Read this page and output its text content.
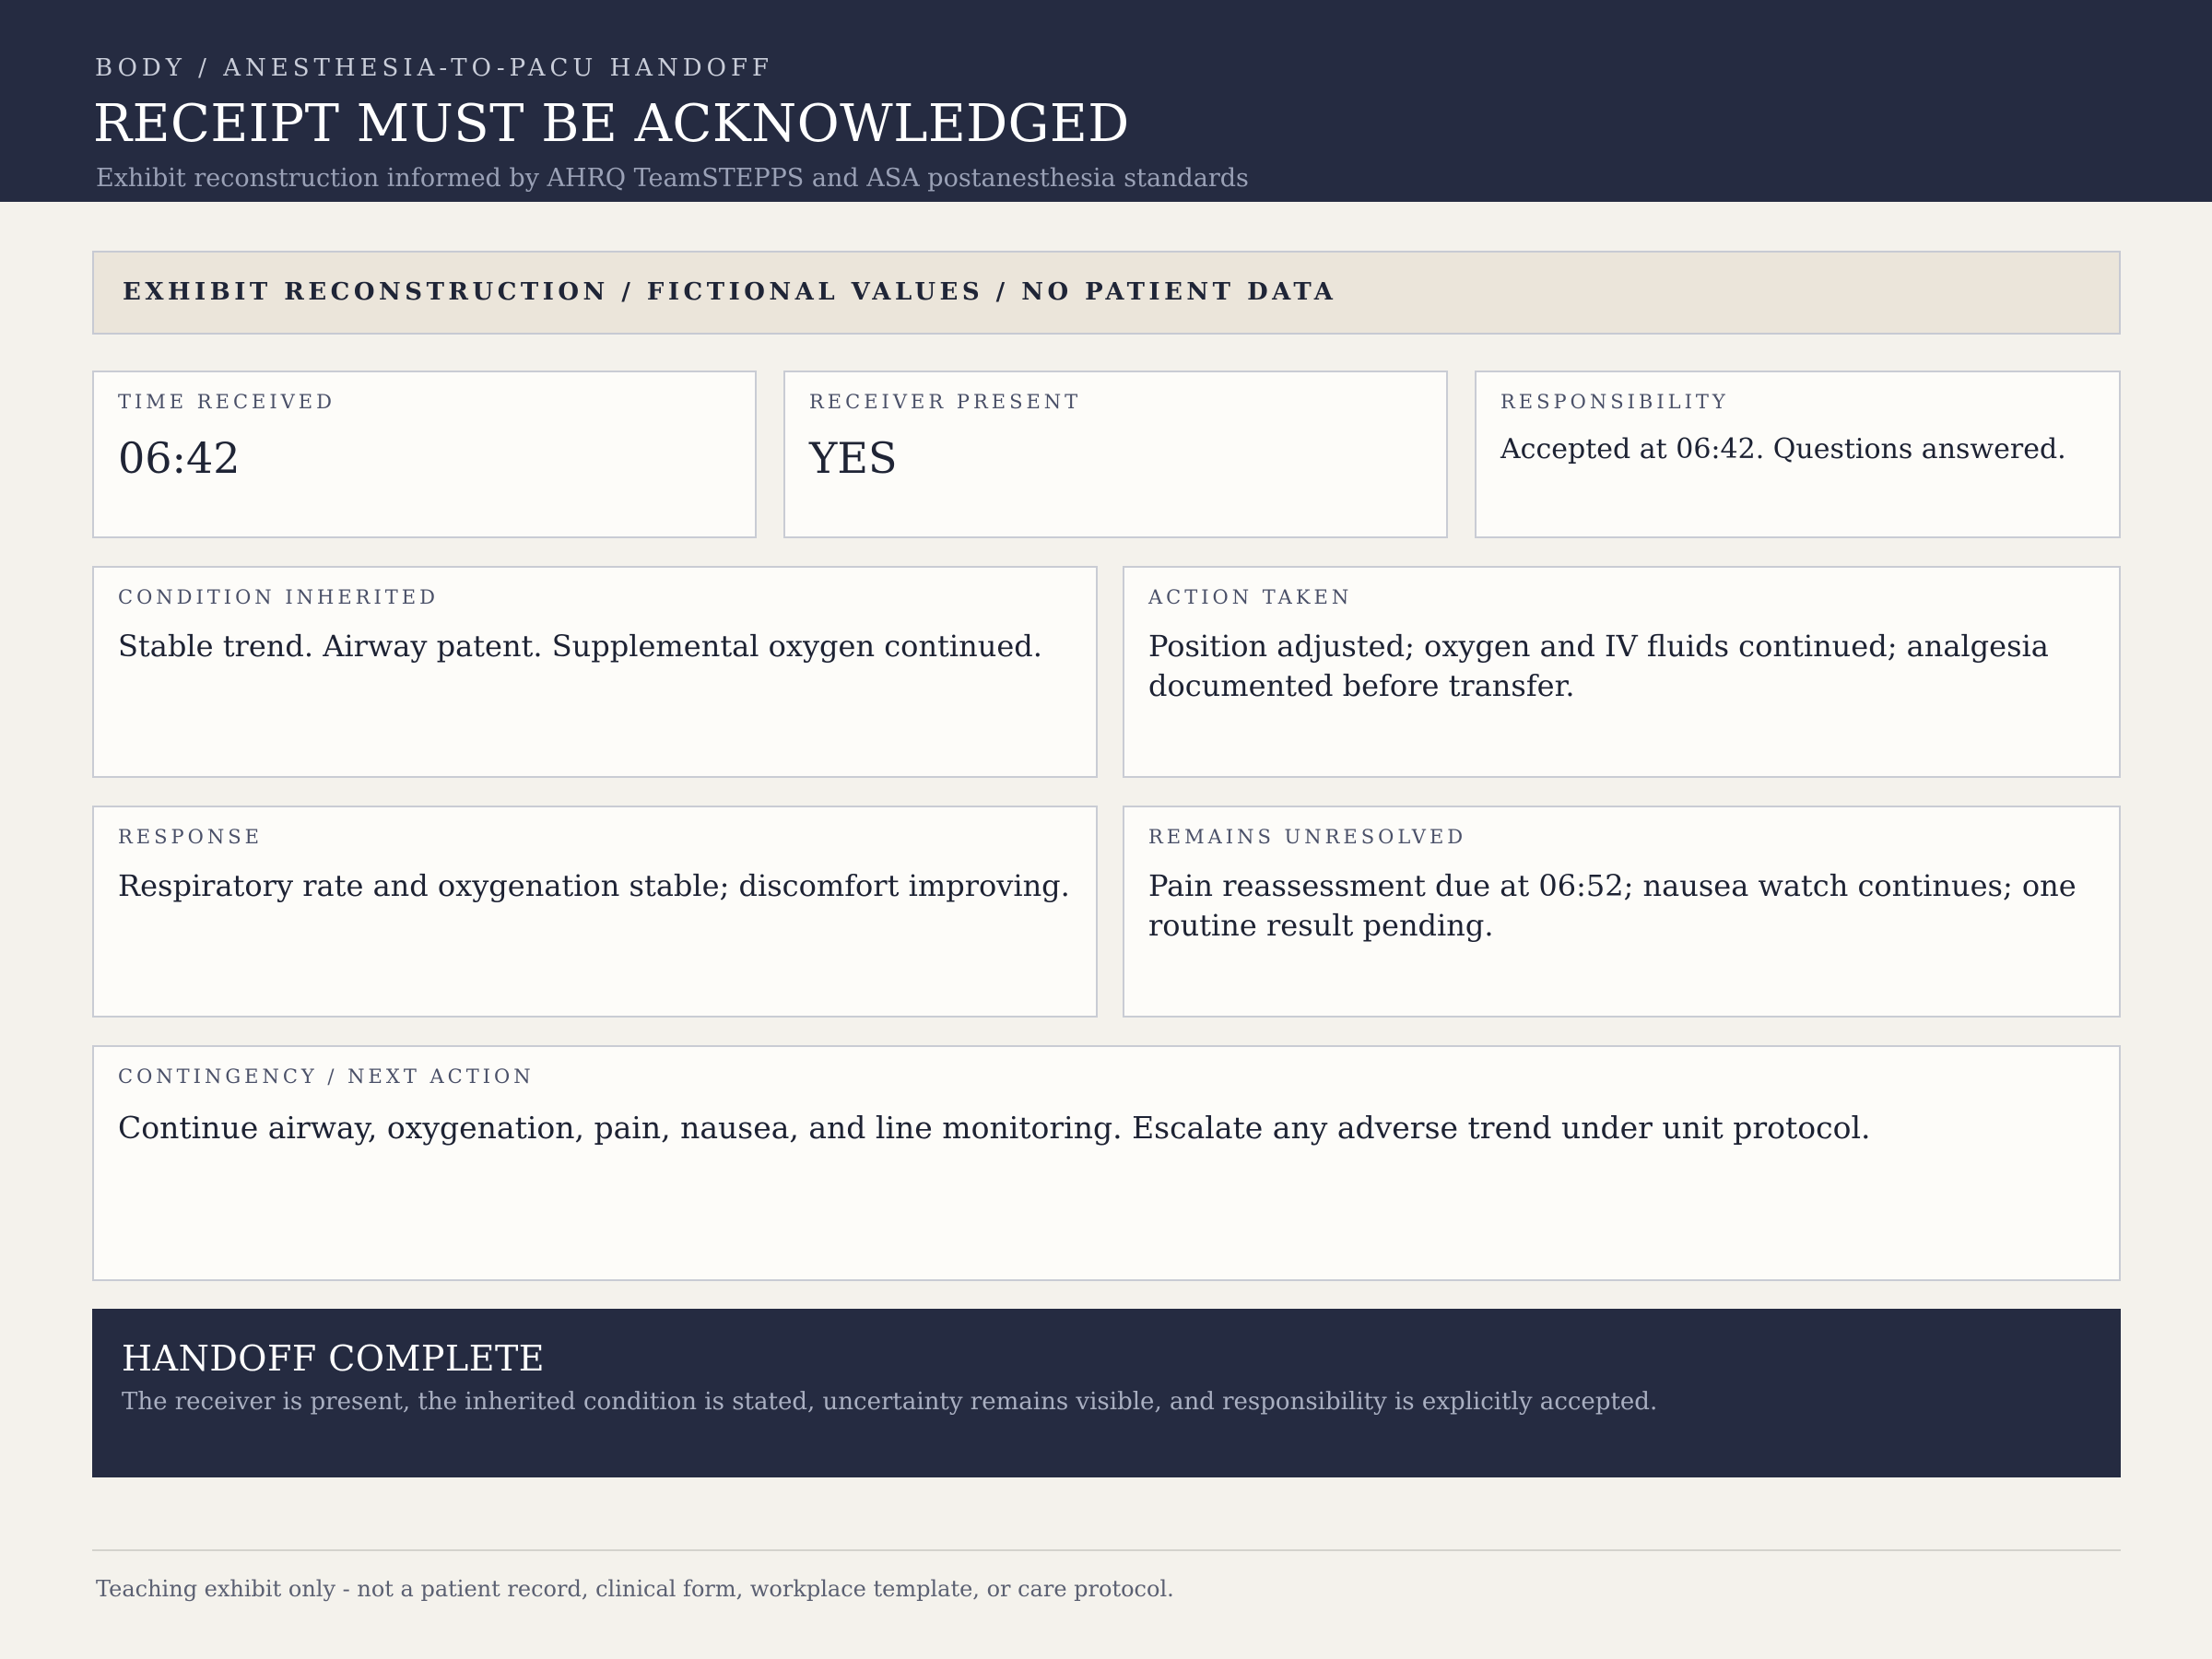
BODY / ANESTHESIA-TO-PACU HANDOFF
RECEIPT MUST BE ACKNOWLEDGED
Exhibit reconstruction informed by AHRQ TeamSTEPPS and ASA postanesthesia standards
EXHIBIT RECONSTRUCTION / FICTIONAL VALUES / NO PATIENT DATA
TIME RECEIVED
06:42
RECEIVER PRESENT
YES
RESPONSIBILITY
Accepted at 06:42. Questions answered.
CONDITION INHERITED
Stable trend. Airway patent. Supplemental oxygen continued.
ACTION TAKEN
Position adjusted; oxygen and IV fluids continued; analgesia documented before transfer.
RESPONSE
Respiratory rate and oxygenation stable; discomfort improving.
REMAINS UNRESOLVED
Pain reassessment due at 06:52; nausea watch continues; one routine result pending.
CONTINGENCY / NEXT ACTION
Continue airway, oxygenation, pain, nausea, and line monitoring. Escalate any adverse trend under unit protocol.
HANDOFF COMPLETE
The receiver is present, the inherited condition is stated, uncertainty remains visible, and responsibility is explicitly accepted.
Teaching exhibit only - not a patient record, clinical form, workplace template, or care protocol.
